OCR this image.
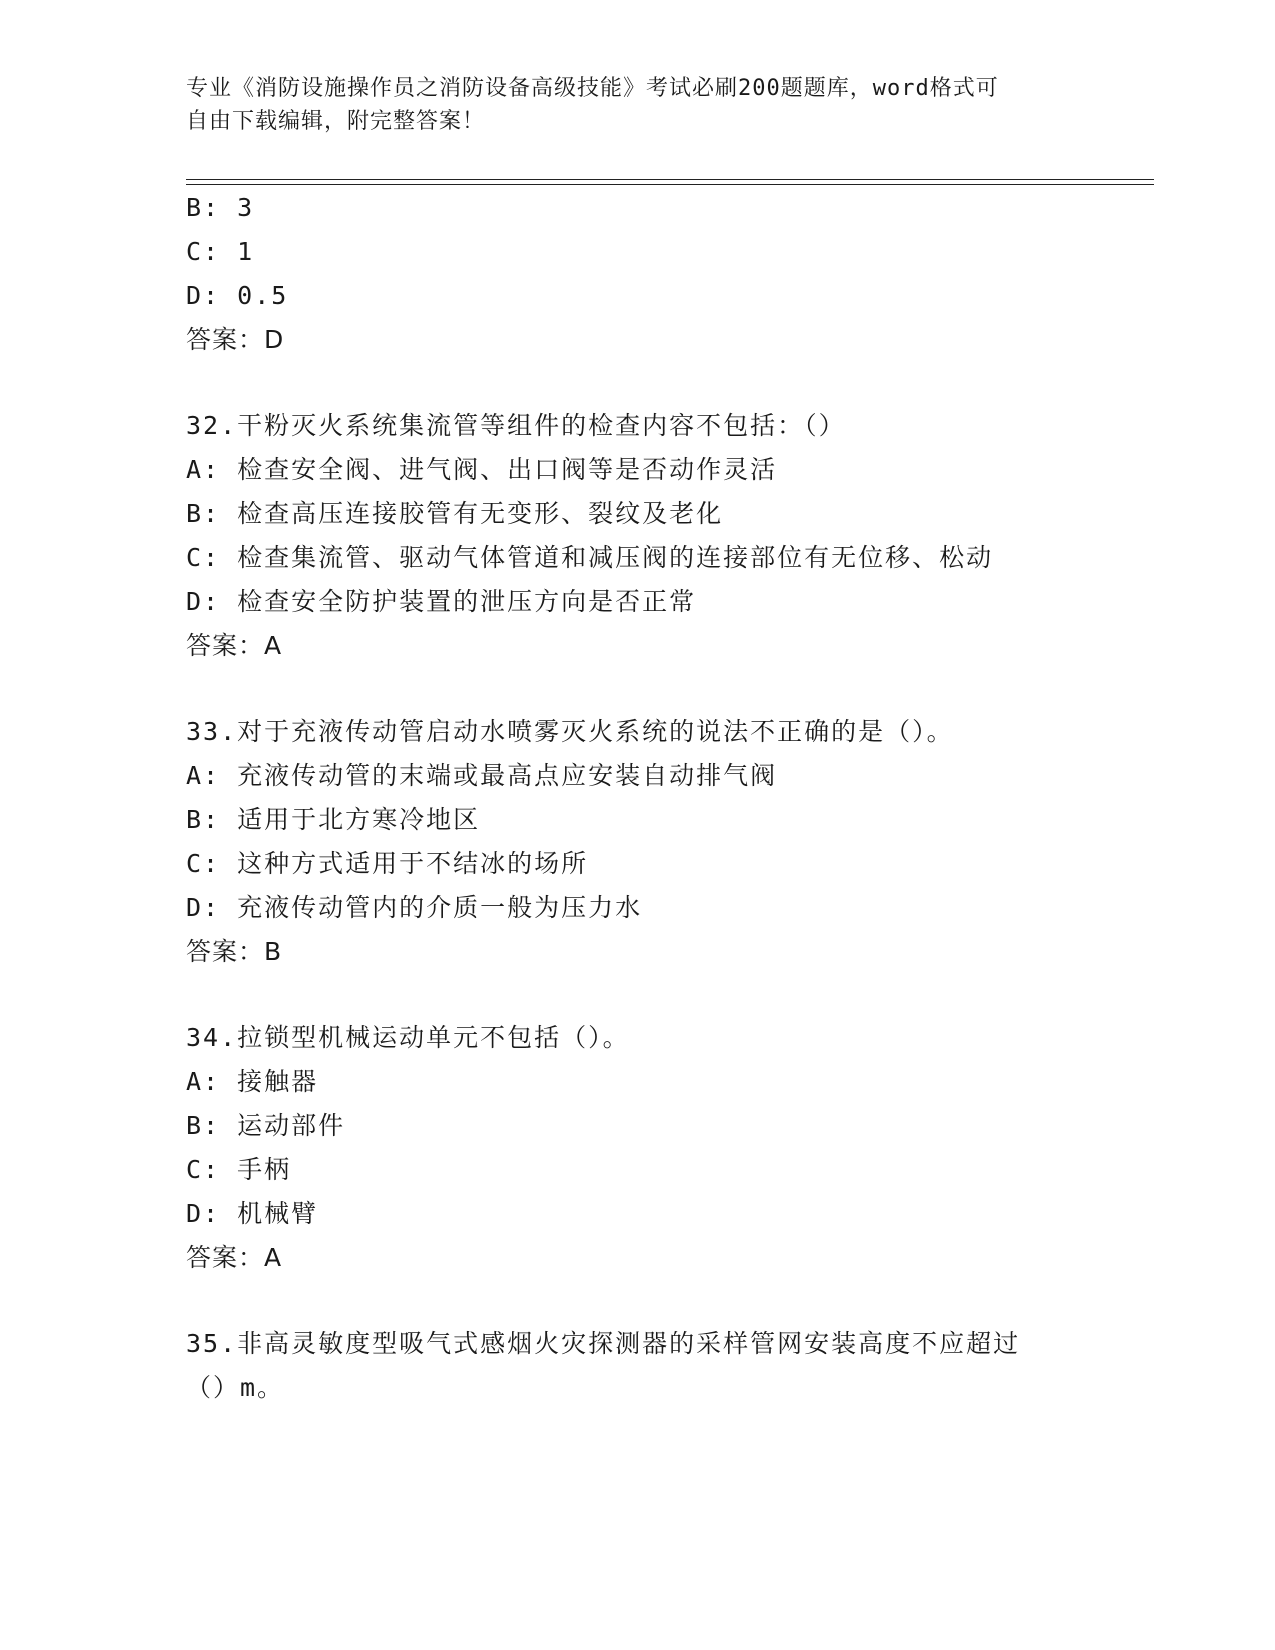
专业《消防设施操作员之消防设备高级技能》考试必刷200题题库，word格式可
自由下载编辑，附完整答案！
B: 3
C: 1
D: 0.5
答案：D
32.干粉灭火系统集流管等组件的检查内容不包括：（）
A: 检查安全阀、进气阀、出口阀等是否动作灵活
B: 检查高压连接胶管有无变形、裂纹及老化
C: 检查集流管、驱动气体管道和减压阀的连接部位有无位移、松动
D: 检查安全防护装置的泄压方向是否正常
答案：A
33.对于充液传动管启动水喷雾灭火系统的说法不正确的是（）。
A: 充液传动管的末端或最高点应安装自动排气阀
B: 适用于北方寒冷地区
C: 这种方式适用于不结冰的场所
D: 充液传动管内的介质一般为压力水
答案：B
34.拉锁型机械运动单元不包括（）。
A: 接触器
B: 运动部件
C: 手柄
D: 机械臂
答案：A
35.非高灵敏度型吸气式感烟火灾探测器的采样管网安装高度不应超过
（）m。
